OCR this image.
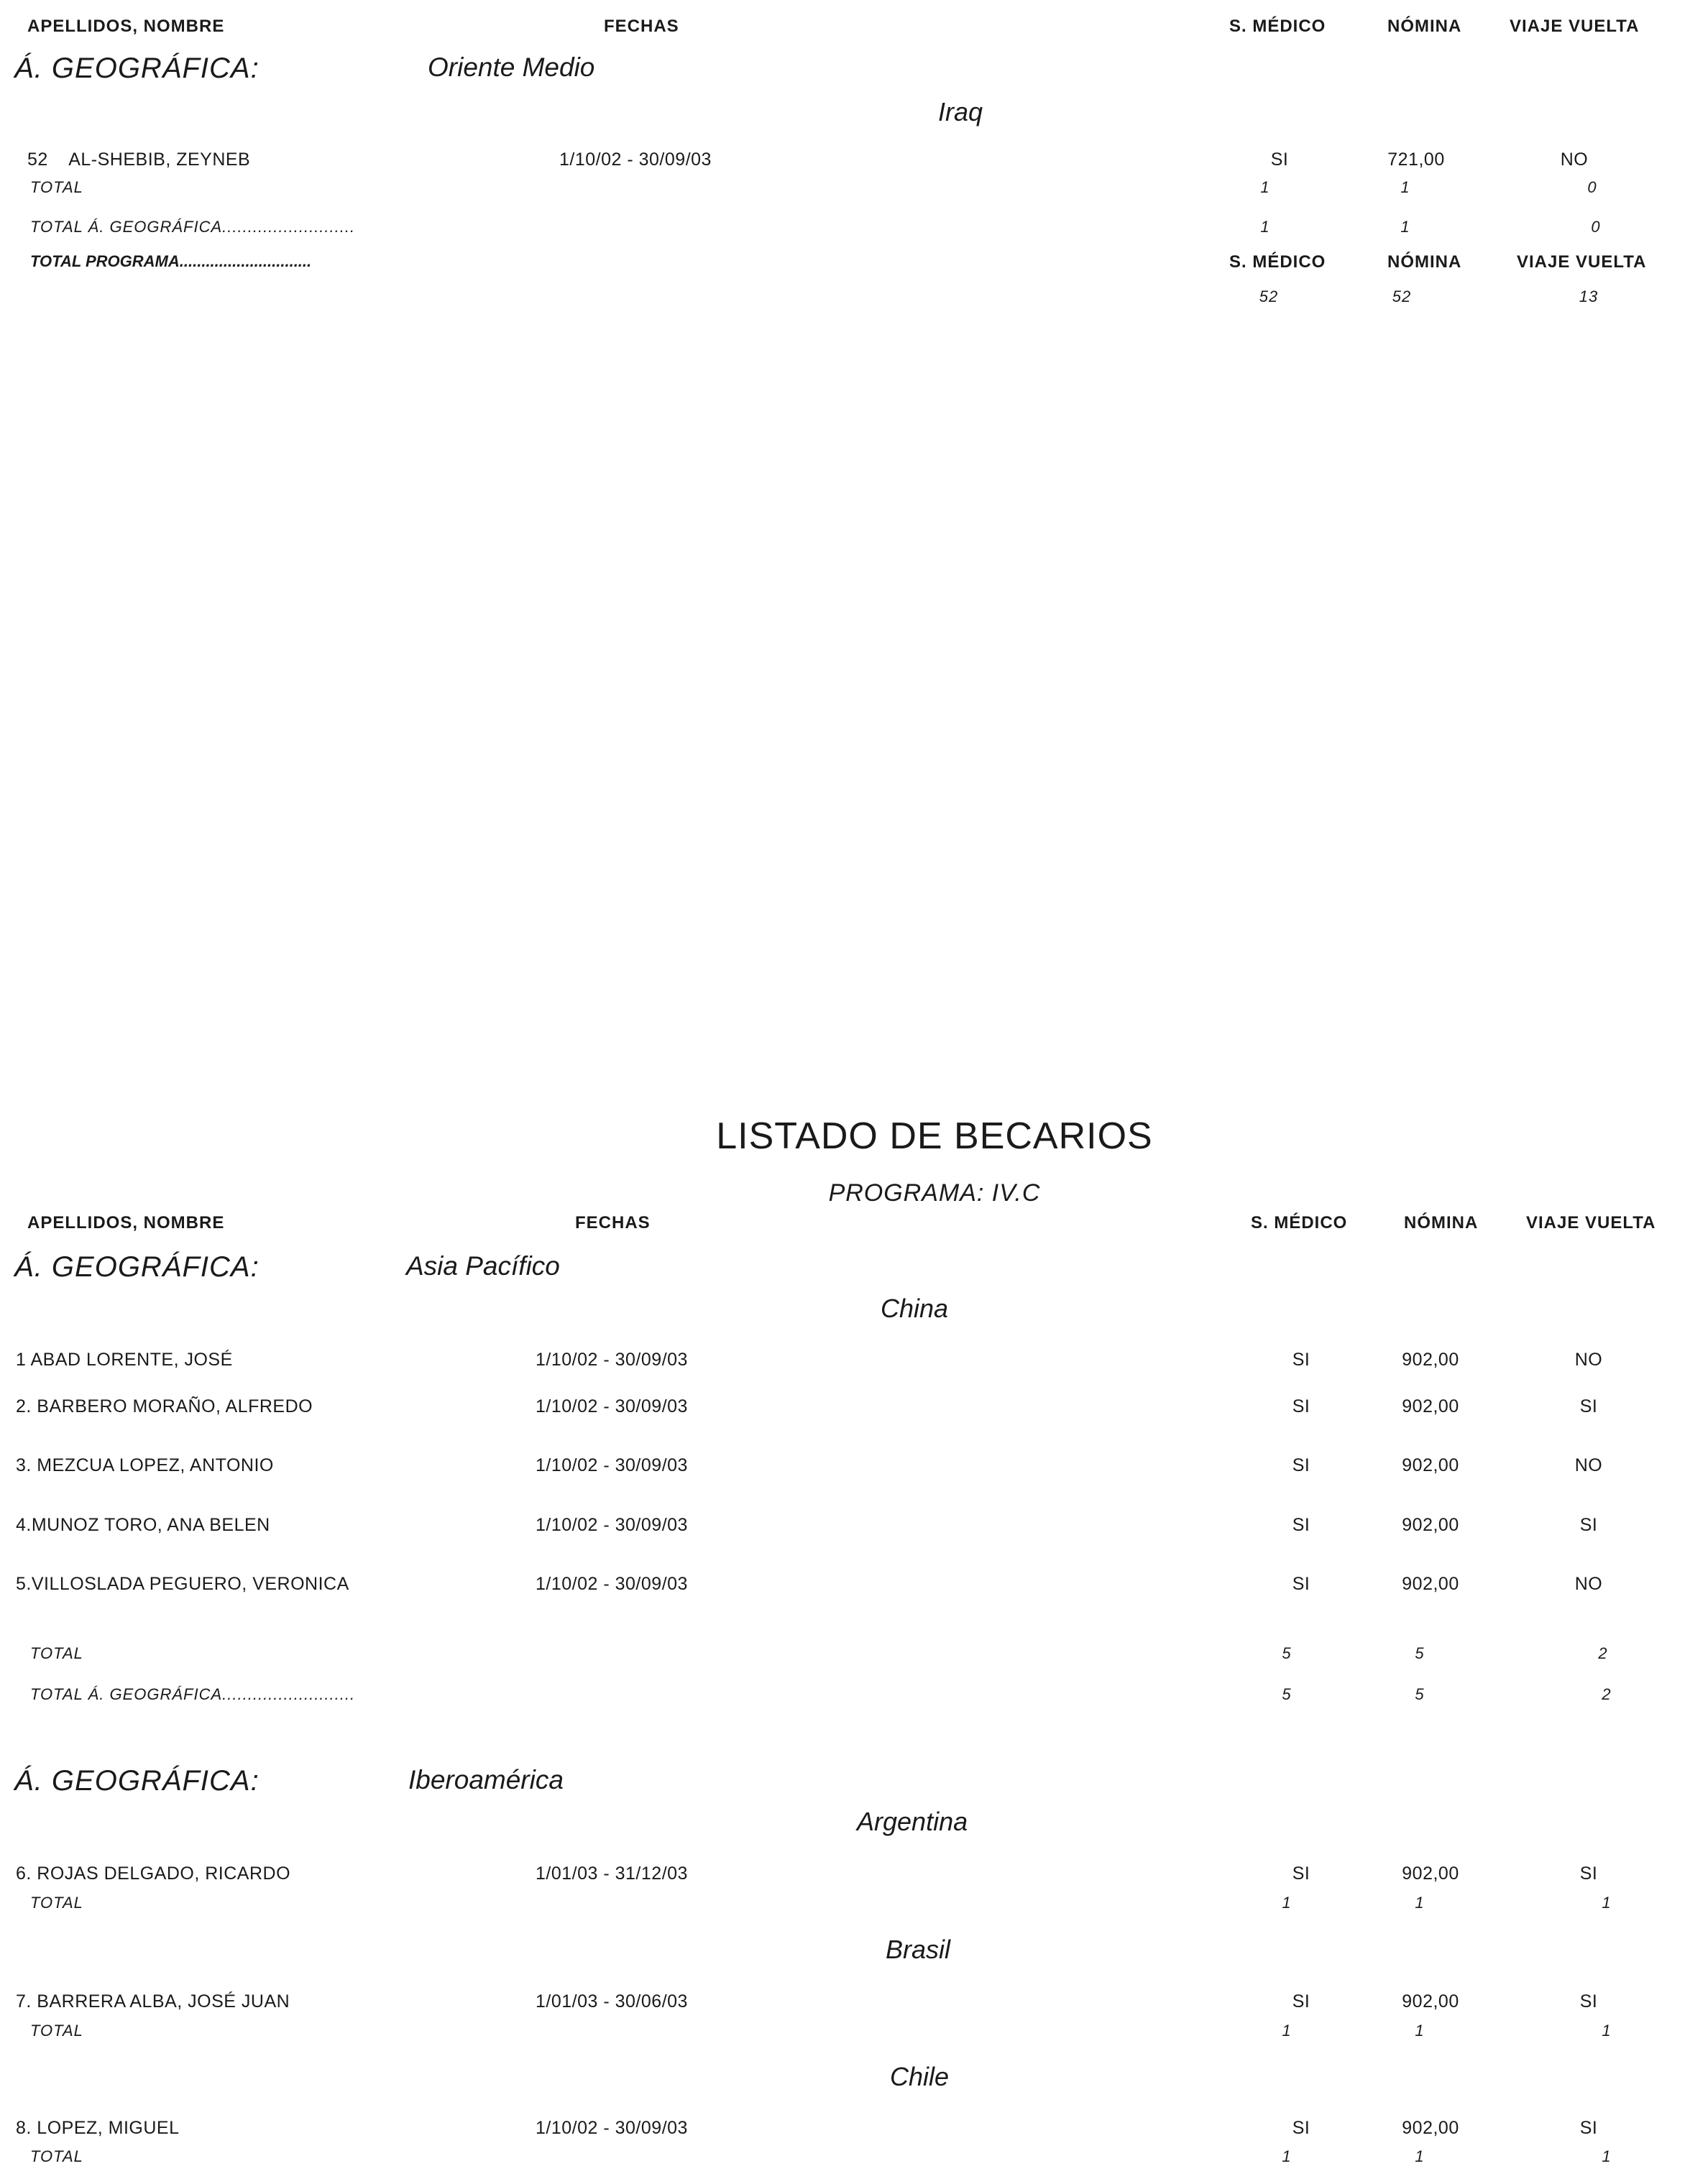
APELLIDOS, NOMBRE	FECHAS	S. MÉDICO	NÓMINA	VIAJE VUELTA
Á. GEOGRÁFICA:	Oriente Medio
Iraq
52    AL-SHEBIB, ZEYNEB	1/10/02 - 30/09/03	SI	721,00	NO
TOTAL	1	1	0
TOTAL Á. GEOGRÁFICA..........................	1	1	0
TOTAL PROGRAMA..............................	S. MÉDICO	NÓMINA	VIAJE VUELTA
52	52	13
LISTADO DE BECARIOS
PROGRAMA: IV.C
APELLIDOS, NOMBRE	FECHAS	S. MÉDICO	NÓMINA	VIAJE VUELTA
Á. GEOGRÁFICA:	Asia Pacífico
China
1 ABAD LORENTE, JOSÉ	1/10/02 - 30/09/03	SI	902,00	NO
2. BARBERO MORAÑO, ALFREDO	1/10/02 - 30/09/03	SI	902,00	SI
3. MEZCUA LOPEZ, ANTONIO	1/10/02 - 30/09/03	SI	902,00	NO
4.MUNOZ TORO, ANA BELEN	1/10/02 - 30/09/03	SI	902,00	SI
5.VILLOSLADA PEGUERO, VERONICA	1/10/02 - 30/09/03	SI	902,00	NO
TOTAL	5	5	2
TOTAL Á. GEOGRÁFICA..........................	5	5	2
Á. GEOGRÁFICA:	Iberoamérica
Argentina
6. ROJAS DELGADO, RICARDO	1/01/03 - 31/12/03	SI	902,00	SI
TOTAL	1	1	1
Brasil
7. BARRERA ALBA, JOSÉ JUAN	1/01/03 - 30/06/03	SI	902,00	SI
TOTAL	1	1	1
Chile
8. LOPEZ, MIGUEL	1/10/02 - 30/09/03	SI	902,00	SI
TOTAL	1	1	1
